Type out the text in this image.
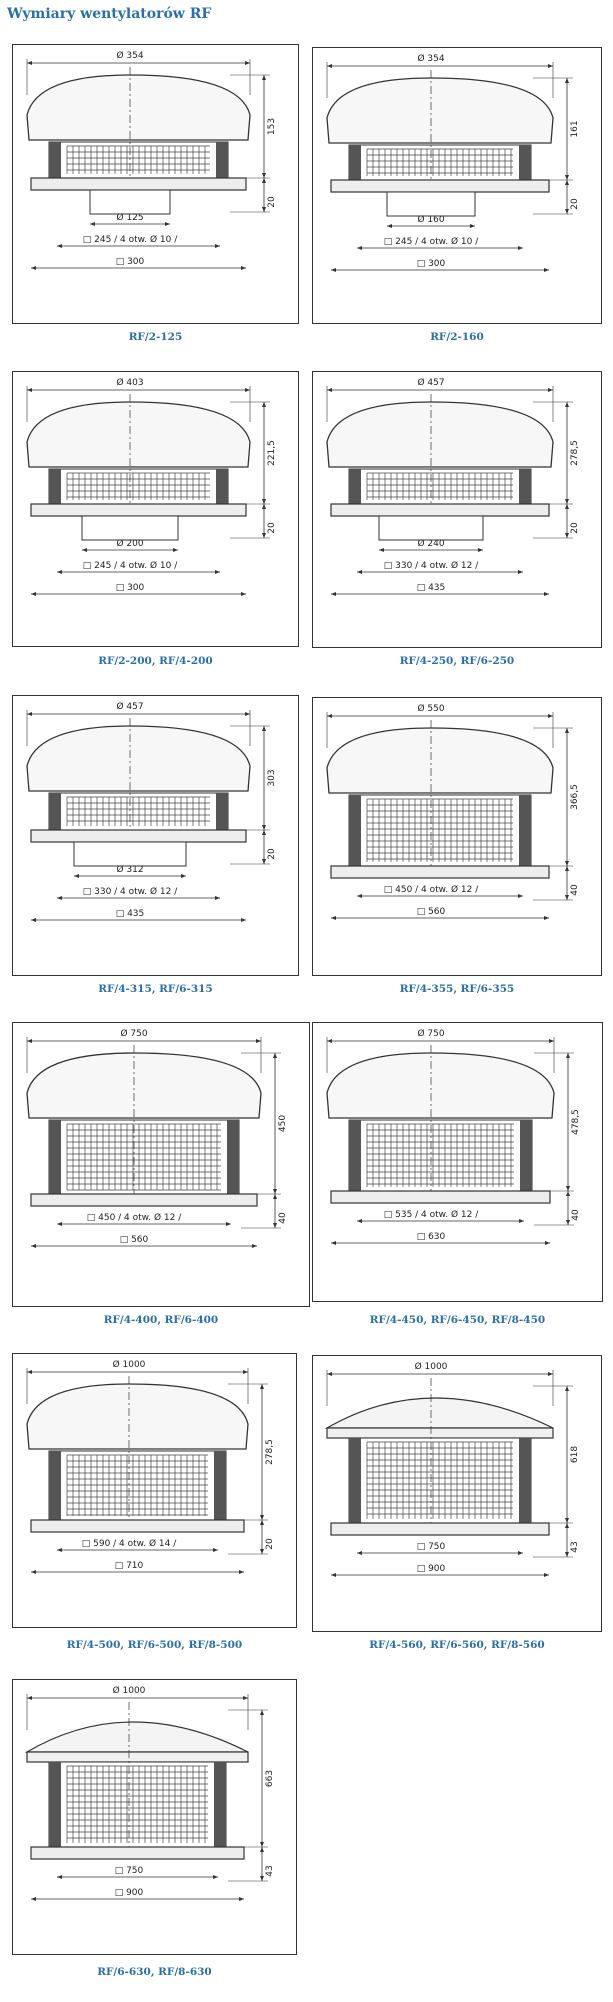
Wymiary wentylatorów RF
Ø 354
Ø 125
□ 245 / 4 otw. Ø 10 /
□ 300
153
20
RF/2-125
Ø 354
Ø 160
□ 245 / 4 otw. Ø 10 /
□ 300
161
20
RF/2-160
Ø 403
Ø 200
□ 245 / 4 otw. Ø 10 /
□ 300
221,5
20
RF/2-200, RF/4-200
Ø 457
Ø 240
□ 330 / 4 otw. Ø 12 /
□ 435
278,5
20
RF/4-250, RF/6-250
Ø 457
Ø 312
□ 330 / 4 otw. Ø 12 /
□ 435
303
20
RF/4-315, RF/6-315
Ø 550
□ 450 / 4 otw. Ø 12 /
□ 560
366,5
40
RF/4-355, RF/6-355
Ø 750
□ 450 / 4 otw. Ø 12 /
□ 560
450
40
RF/4-400, RF/6-400
Ø 750
□ 535 / 4 otw. Ø 12 /
□ 630
478,5
40
RF/4-450, RF/6-450, RF/8-450
Ø 1000
□ 590 / 4 otw. Ø 14 /
□ 710
278,5
20
RF/4-500, RF/6-500, RF/8-500
Ø 1000
□ 750
□ 900
618
43
RF/4-560, RF/6-560, RF/8-560
Ø 1000
□ 750
□ 900
663
43
RF/6-630, RF/8-630
